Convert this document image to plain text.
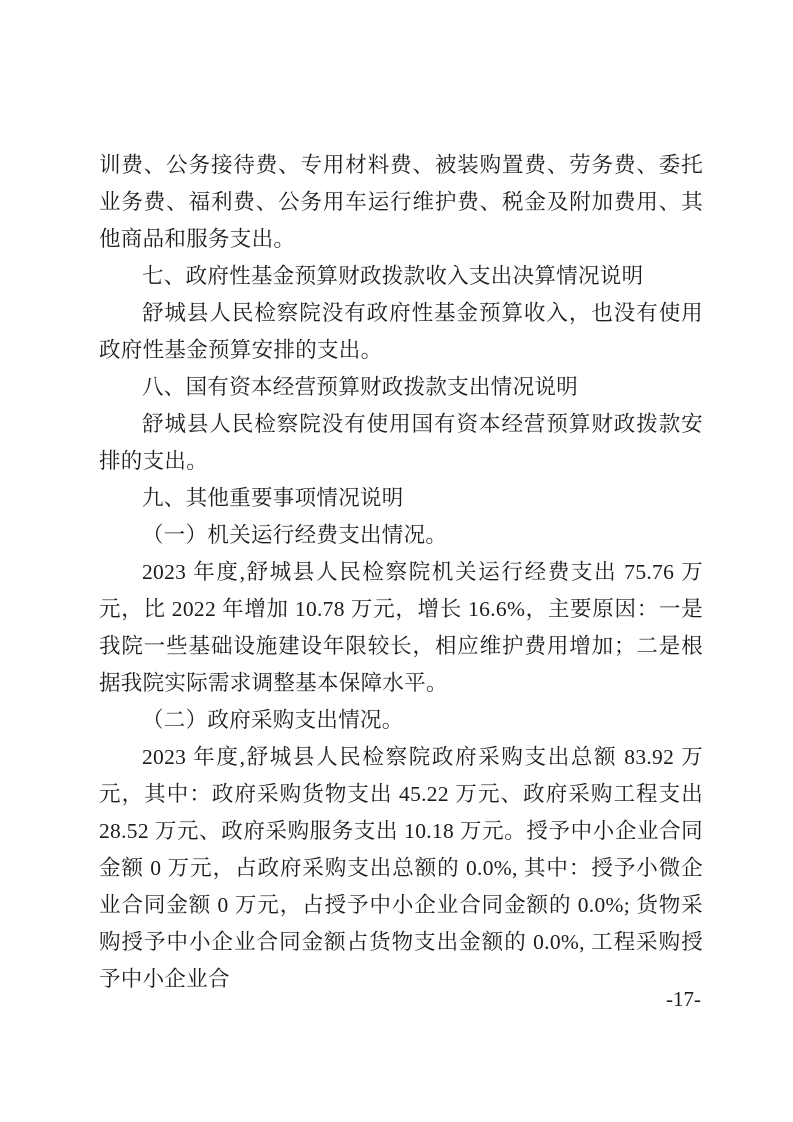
训费、公务接待费、专用材料费、被装购置费、劳务费、委托业务费、福利费、公务用车运行维护费、税金及附加费用、其他商品和服务支出。

七、政府性基金预算财政拨款收入支出决算情况说明

舒城县人民检察院没有政府性基金预算收入，也没有使用政府性基金预算安排的支出。

八、国有资本经营预算财政拨款支出情况说明

舒城县人民检察院没有使用国有资本经营预算财政拨款安排的支出。

九、其他重要事项情况说明
（一）机关运行经费支出情况。

2023 年度,舒城县人民检察院机关运行经费支出 75.76 万元，比 2022 年增加 10.78 万元，增长 16.6%，主要原因：一是我院一些基础设施建设年限较长，相应维护费用增加；二是根据我院实际需求调整基本保障水平。

（二）政府采购支出情况。

2023 年度,舒城县人民检察院政府采购支出总额 83.92 万元，其中：政府采购货物支出 45.22 万元、政府采购工程支出 28.52 万元、政府采购服务支出 10.18 万元。授予中小企业合同金额 0 万元，占政府采购支出总额的 0.0%, 其中：授予小微企业合同金额 0 万元，占授予中小企业合同金额的 0.0%; 货物采购授予中小企业合同金额占货物支出金额的 0.0%, 工程采购授予中小企业合

-17-
